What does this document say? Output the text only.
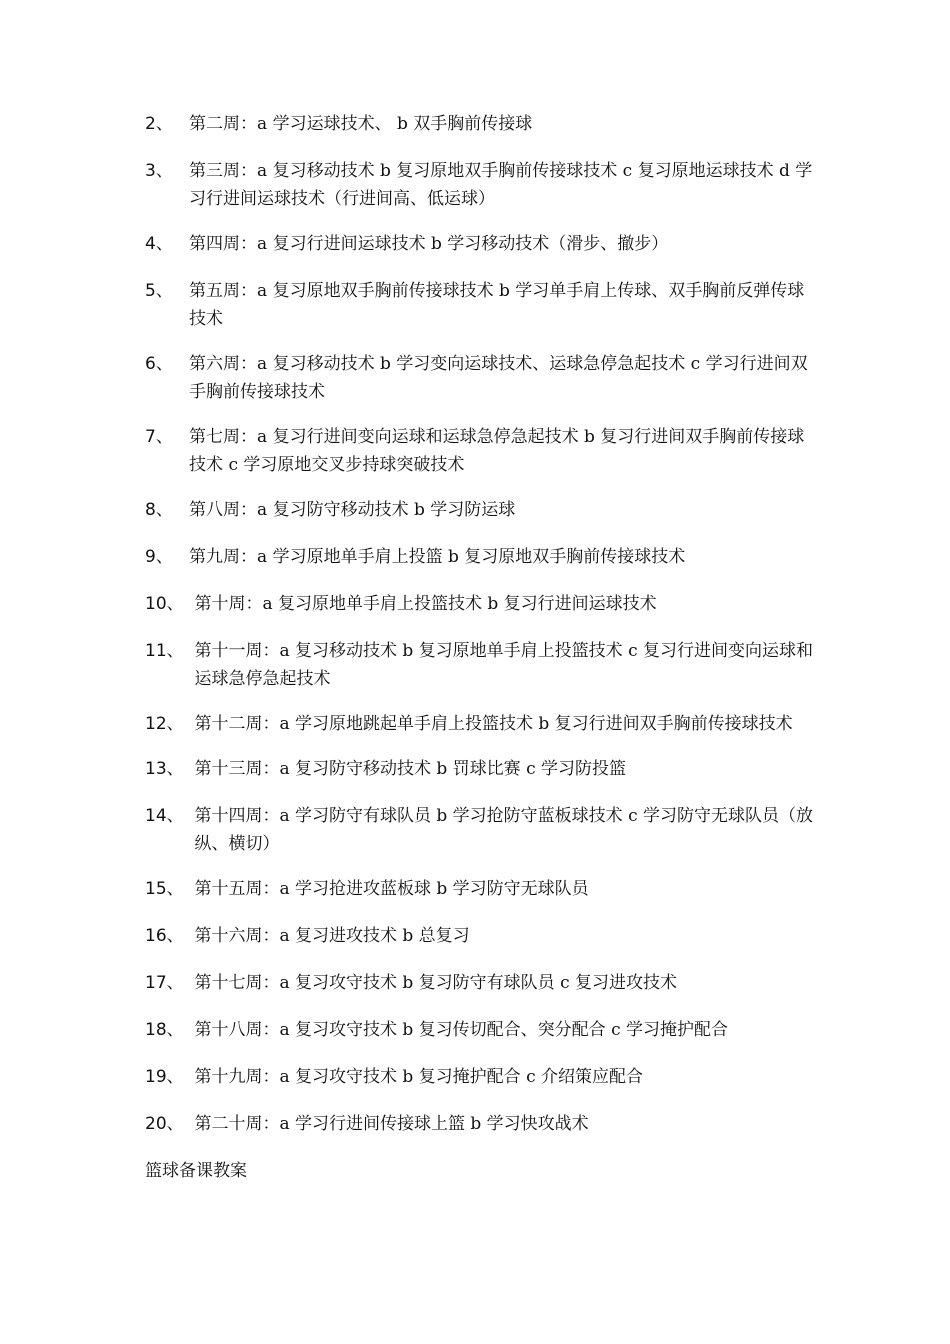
2、
第二周：a 学习运球技术、 b 双手胸前传接球
3、
第三周：a 复习移动技术 b 复习原地双手胸前传接球技术 c 复习原地运球技术 d 学习行进间运球技术（行进间高、低运球）
4、
第四周：a 复习行进间运球技术 b 学习移动技术（滑步、撤步）
5、
第五周：a 复习原地双手胸前传接球技术 b 学习单手肩上传球、双手胸前反弹传球技术
6、
第六周：a 复习移动技术 b 学习变向运球技术、运球急停急起技术 c 学习行进间双手胸前传接球技术
7、
第七周：a 复习行进间变向运球和运球急停急起技术 b 复习行进间双手胸前传接球技术 c 学习原地交叉步持球突破技术
8、
第八周：a 复习防守移动技术 b 学习防运球
9、
第九周：a 学习原地单手肩上投篮 b 复习原地双手胸前传接球技术
10、
第十周：a 复习原地单手肩上投篮技术 b 复习行进间运球技术
11、
第十一周：a 复习移动技术 b 复习原地单手肩上投篮技术 c 复习行进间变向运球和运球急停急起技术
12、
第十二周：a 学习原地跳起单手肩上投篮技术 b 复习行进间双手胸前传接球技术
13、
第十三周：a 复习防守移动技术 b 罚球比赛 c 学习防投篮
14、
第十四周：a 学习防守有球队员 b 学习抢防守蓝板球技术 c 学习防守无球队员（放纵、横切）
15、
第十五周：a 学习抢进攻蓝板球 b 学习防守无球队员
16、
第十六周：a 复习进攻技术 b 总复习
17、
第十七周：a 复习攻守技术 b 复习防守有球队员 c 复习进攻技术
18、
第十八周：a 复习攻守技术 b 复习传切配合、突分配合 c 学习掩护配合
19、
第十九周：a 复习攻守技术 b 复习掩护配合 c 介绍策应配合
20、
第二十周：a 学习行进间传接球上篮 b 学习快攻战术
篮球备课教案
